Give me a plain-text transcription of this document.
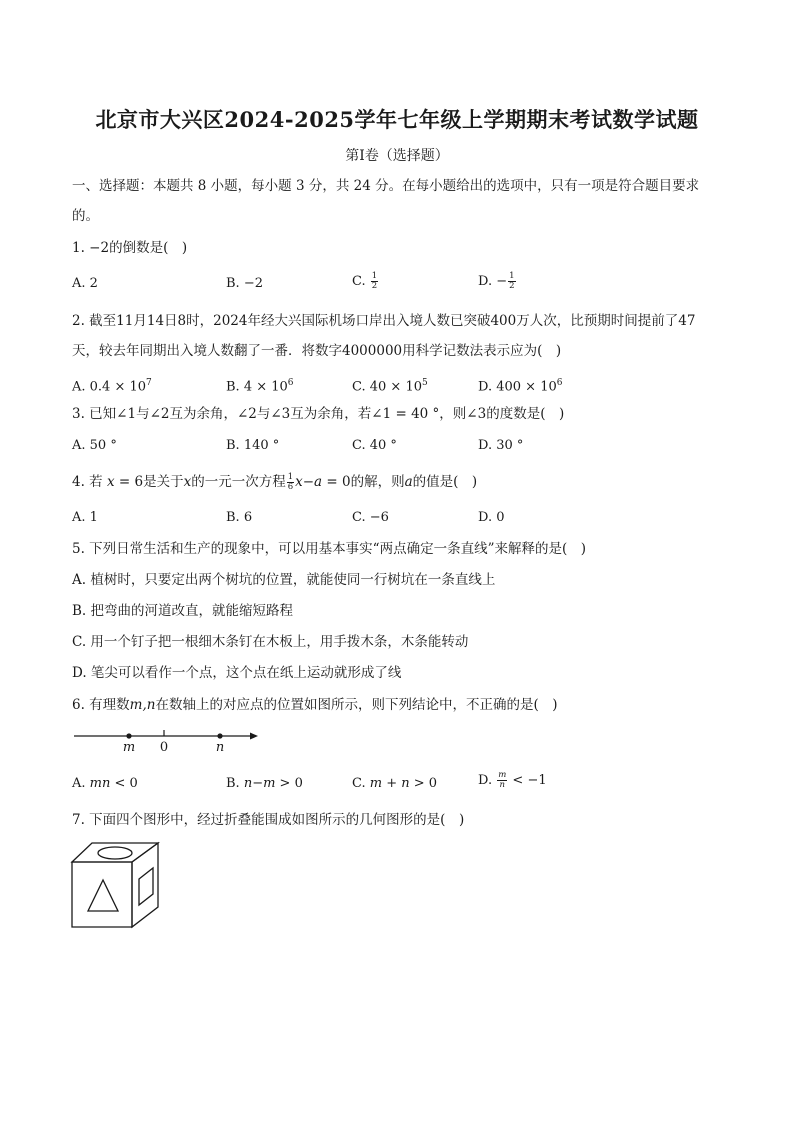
北京市大兴区2024-2025学年七年级上学期期末考试数学试题
第I卷（选择题）
一、选择题：本题共 8 小题，每小题 3 分，共 24 分。在每小题给出的选项中，只有一项是符合题目要求
的。
1. −2的倒数是(　)
A. 2	B. −2	C. $\frac{1}{2}$	D. − $\frac{1}{2}$
2. 截至11月14日8时，2024年经大兴国际机场口岸出入境人数已突破400万人次，比预期时间提前了47
天，较去年同期出入境人数翻了一番．将数字4000000用科学记数法表示应为(　)
A. $0.4 \times 10^7$	B. $4 \times 10^6$	C. $40 \times 10^5$	D. $400 \times 10^6$
3. 已知∠1与∠2互为余角，∠2与∠3互为余角，若∠1 = 40 °，则∠3的度数是(　)
A. 50 °	B. 140 °	C. 40 °	D. 30 °
4. 若 x = 6是关于x的一元一次方程 $\frac{1}{6} x-a = 0$的解，则a的值是(　)
A. 1	B. 6	C. −6	D. 0
5. 下列日常生活和生产的现象中，可以用基本事实“两点确定一条直线”来解释的是(　)
A. 植树时，只要定出两个树坑的位置，就能使同一行树坑在一条直线上
B. 把弯曲的河道改直，就能缩短路程
C. 用一个钉子把一根细木条钉在木板上，用手拨木条，木条能转动
D. 笔尖可以看作一个点，这个点在纸上运动就形成了线
6. 有理数m,n在数轴上的对应点的位置如图所示，则下列结论中，不正确的是(　)
m 0	n
A. mn < 0	B. n−m > 0	C. m + n > 0	D. $\frac{m}{n} < -1$
7. 下面四个图形中，经过折叠能围成如图所示的几何图形的是(　)
